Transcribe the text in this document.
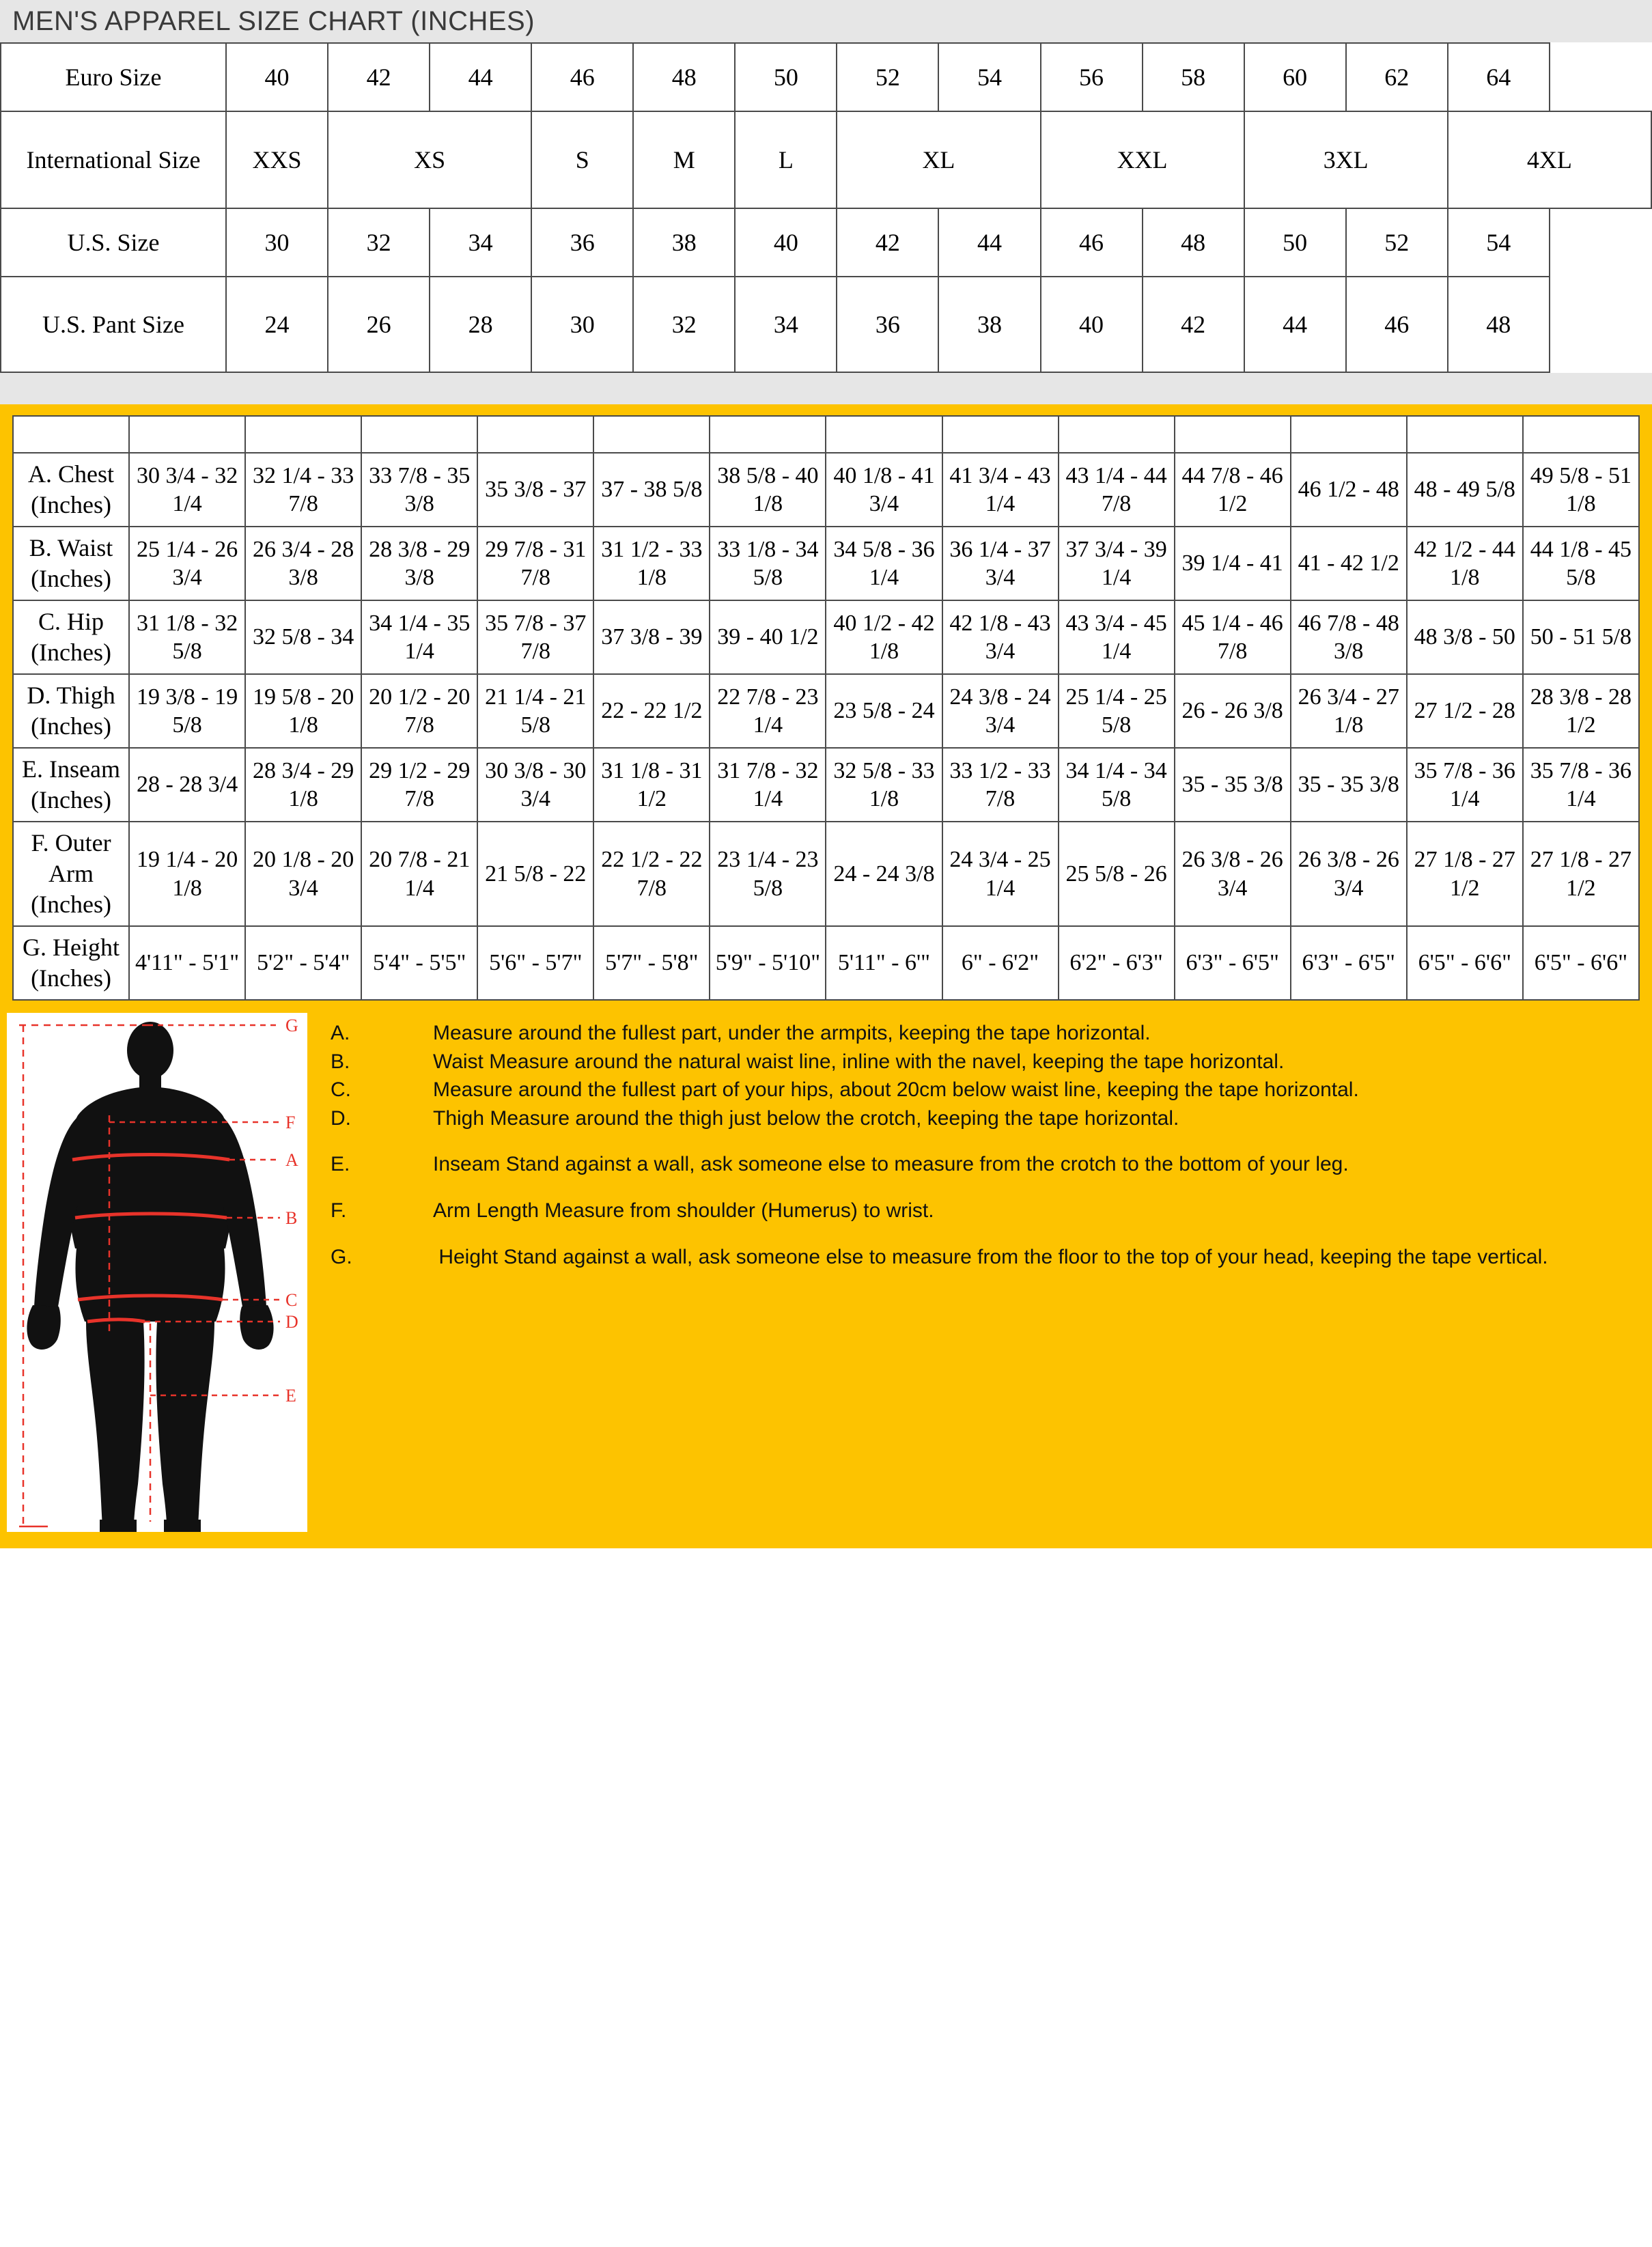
MEN'S APPAREL SIZE CHART (INCHES)
Euro Size	40	42	44	46	48	50	52	54	56	58	60	62	64
International Size	XXS	XS		S	M	L	XL		XXL		3XL		4XL
U.S. Size	30	32	34	36	38	40	42	44	46	48	50	52	54
U.S. Pant Size	24	26	28	30	32	34	36	38	40	42	44	46	48

A. Chest (Inches)	30 3/4 - 32 1/4	32 1/4 - 33 7/8	33 7/8 - 35 3/8	35 3/8 - 37	37 - 38 5/8	38 5/8 - 40 1/8	40 1/8 - 41 3/4	41 3/4 - 43 1/4	43 1/4 - 44 7/8	44 7/8 - 46 1/2	46 1/2 - 48	48 - 49 5/8	49 5/8 - 51 1/8
B. Waist (Inches)	25 1/4 - 26 3/4	26 3/4 - 28 3/8	28 3/8 - 29 3/8	29 7/8 - 31 7/8	31 1/2 - 33 1/8	33 1/8 - 34 5/8	34 5/8 - 36 1/4	36 1/4 - 37 3/4	37 3/4 - 39 1/4	39 1/4 - 41	41 - 42 1/2	42 1/2 - 44 1/8	44 1/8 - 45 5/8
C. Hip (Inches)	31 1/8 - 32 5/8	32 5/8 - 34	34 1/4 - 35 1/4	35 7/8 - 37 7/8	37 3/8 - 39	39 - 40 1/2	40 1/2 - 42 1/8	42 1/8 - 43 3/4	43 3/4 - 45 1/4	45 1/4 - 46 7/8	46 7/8 - 48 3/8	48 3/8 - 50	50 - 51 5/8
D. Thigh (Inches)	19 3/8 - 19 5/8	19 5/8 - 20 1/8	20 1/2 - 20 7/8	21 1/4 - 21 5/8	22 - 22 1/2	22 7/8 - 23 1/4	23 5/8 - 24	24 3/8 - 24 3/4	25 1/4 - 25 5/8	26 - 26 3/8	26 3/4 - 27 1/8	27 1/2 - 28	28 3/8 - 28 1/2
E. Inseam (Inches)	28 - 28 3/4	28 3/4 - 29 1/8	29 1/2 - 29 7/8	30 3/8 - 30 3/4	31 1/8 - 31 1/2	31 7/8 - 32 1/4	32 5/8 - 33 1/8	33 1/2 - 33 7/8	34 1/4 - 34 5/8	35 - 35 3/8	35 - 35 3/8	35 7/8 - 36 1/4	35 7/8 - 36 1/4
F. Outer Arm (Inches)	19 1/4 - 20 1/8	20 1/8 - 20 3/4	20 7/8 - 21 1/4	21 5/8 - 22	22 1/2 - 22 7/8	23 1/4 - 23 5/8	24 - 24 3/8	24 3/4 - 25 1/4	25 5/8 - 26	26 3/8 - 26 3/4	26 3/8 - 26 3/4	27 1/8 - 27 1/2	27 1/8 - 27 1/2
G. Height (Inches)	4'11" - 5'1"	5'2" - 5'4"	5'4" - 5'5"	5'6" - 5'7"	5'7" - 5'8"	5'9" - 5'10"	5'11" - 6'"	6" - 6'2"	6'2" - 6'3"	6'3" - 6'5"	6'3" - 6'5"	6'5" - 6'6"	6'5" - 6'6"
G
F
A
B
C
D
E

A.	Measure around the fullest part, under the armpits, keeping the tape horizontal.

B.	Waist Measure around the natural waist line, inline with the navel, keeping the tape horizontal.

C.	Measure around the fullest part of your hips, about 20cm below waist line, keeping the tape horizontal.

D.	Thigh Measure around the thigh just below the crotch, keeping the tape horizontal.

E.	Inseam Stand against a wall, ask someone else to measure from the crotch to the bottom of your leg.

F.	Arm Length Measure from shoulder (Humerus) to wrist.

G.	Height Stand against a wall, ask someone else to measure from the floor to the top of your head, keeping the tape vertical.
